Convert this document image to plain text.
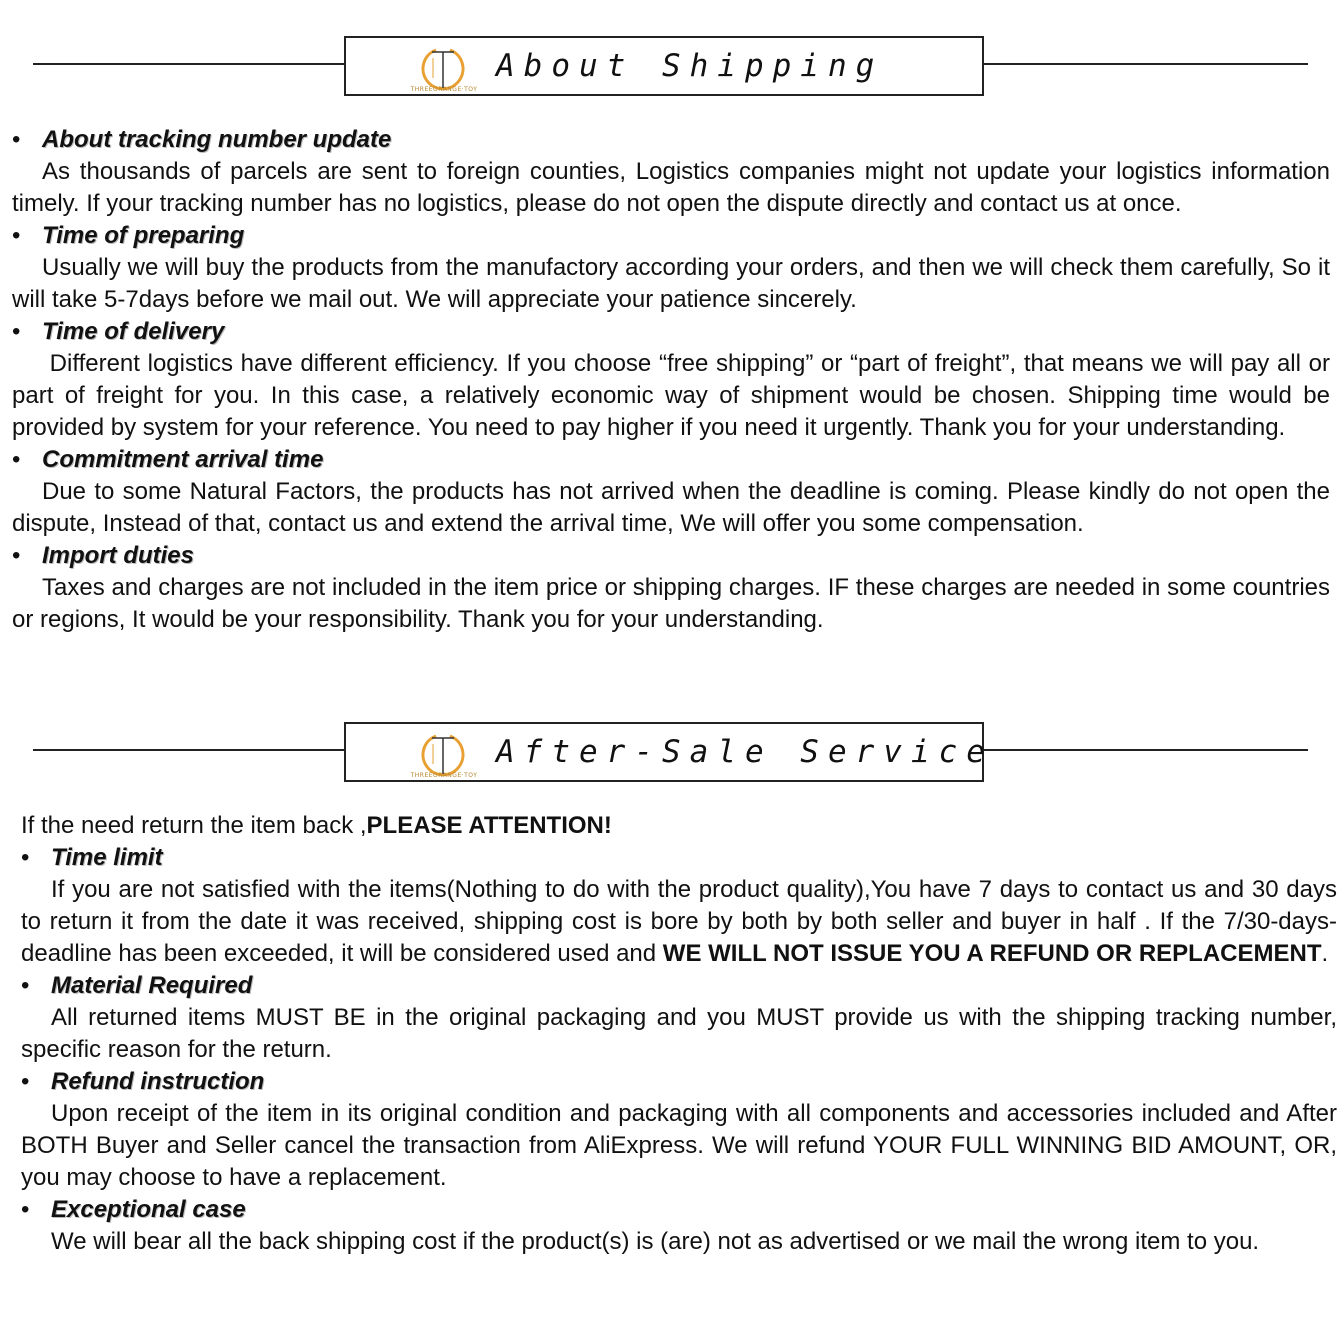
THREEORANGE·TOY
About Shipping
• About tracking number update
As thousands of parcels are sent to foreign counties, Logistics companies might not update your logistics information timely. If your tracking number has no logistics, please do not open the dispute directly and contact us at once.
• Time of preparing
Usually we will buy the products from the manufactory according your orders, and then we will check them carefully, So it will take 5-7days before we mail out. We will appreciate your patience sincerely.
• Time of delivery
Different logistics have different efficiency. If you choose “free shipping” or “part of freight”, that means we will pay all or part of freight for you. In this case, a relatively economic way of shipment would be chosen. Shipping time would be provided by system for your reference. You need to pay higher if you need it urgently. Thank you for your understanding.
• Commitment arrival time
Due to some Natural Factors, the products has not arrived when the deadline is coming. Please kindly do not open the dispute, Instead of that, contact us and extend the arrival time, We will offer you some compensation.
• Import duties
Taxes and charges are not included in the item price or shipping charges. IF these charges are needed in some countries or regions, It would be your responsibility. Thank you for your understanding.
THREEORANGE·TOY
After-Sale Service
If the need return the item back ,PLEASE ATTENTION!
• Time limit
If you are not satisfied with the items(Nothing to do with the product quality),You have 7 days to contact us and 30 days to return it from the date it was received, shipping cost is bore by both by both seller and buyer in half . If the 7/30-days-deadline has been exceeded, it will be considered used and WE WILL NOT ISSUE YOU A REFUND OR REPLACEMENT.
• Material Required
All returned items MUST BE in the original packaging and you MUST provide us with the shipping tracking number, specific reason for the return.
• Refund instruction
Upon receipt of the item in its original condition and packaging with all components and accessories included and After BOTH Buyer and Seller cancel the transaction from AliExpress. We will refund YOUR FULL WINNING BID AMOUNT, OR, you may choose to have a replacement.
• Exceptional case
We will bear all the back shipping cost if the product(s) is (are) not as advertised or we mail the wrong item to you.
